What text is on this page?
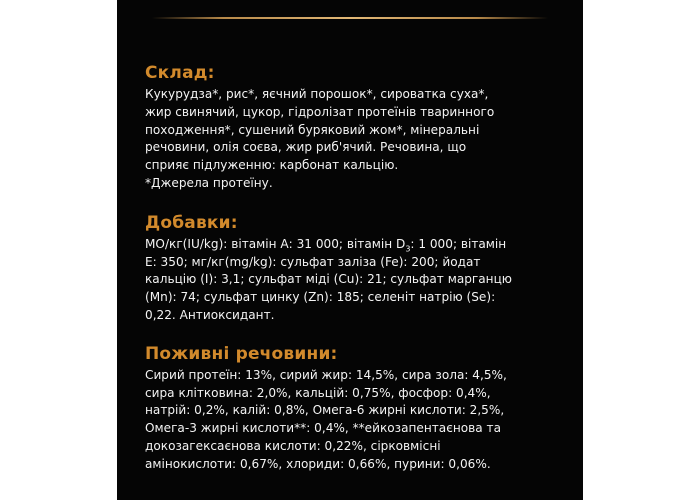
Склад:

Кукурудза*, рис*, яєчний порошок*, сироватка суха*,
жир свинячий, цукор, гідролізат протеїнів тваринного
походження*, сушений буряковий жом*, мінеральні
речовини, олія соєва, жир риб'ячий. Речовина, що
сприяє підлуженню: карбонат кальцію.
*Джерела протеїну.

Добавки:

МО/кг(IU/kg): вітамін А: 31 000; вітамін $D_3$: 1 000; вітамін
Е: 350; мг/кг(mg/kg): сульфат заліза (Fe): 200; йодат
кальцію (I): 3,1; сульфат міді (Cu): 21; сульфат марганцю
(Mn): 74; сульфат цинку (Zn): 185; селеніт натрію (Se):
0,22. Антиоксидант.

Поживні речовини:

Сирий протеїн: 13%, сирий жир: 14,5%, сира зола: 4,5%,
сира клітковина: 2,0%, кальцій: 0,75%, фосфор: 0,4%,
натрій: 0,2%, калій: 0,8%, Омега-6 жирні кислоти: 2,5%,
Омега-3 жирні кислоти**: 0,4%, **ейкозапентаєнова та
докозагексаєнова кислоти: 0,22%, сірковмісні
амінокислоти: 0,67%, хлориди: 0,66%, пурини: 0,06%.
